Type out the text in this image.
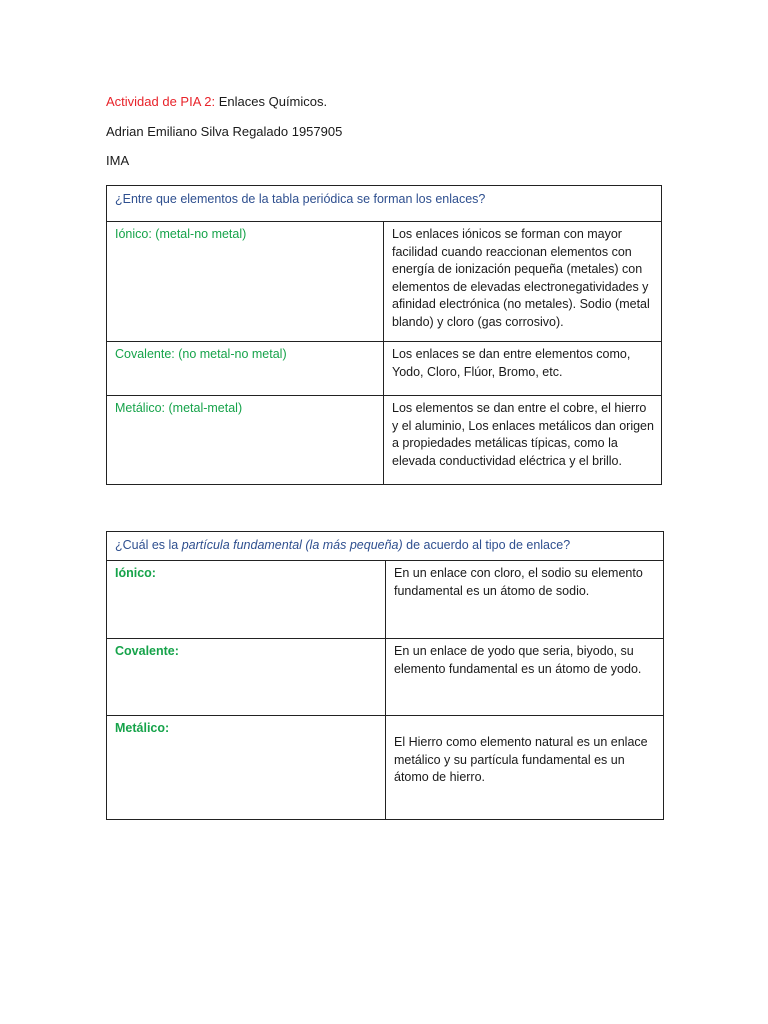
Actividad de PIA 2: Enlaces Químicos.
Adrian Emiliano Silva Regalado 1957905
IMA
¿Entre que elementos de la tabla periódica se forman los enlaces?	
Iónico: (metal-no metal)	Los enlaces iónicos se forman con mayor facilidad cuando reaccionan elementos con energía de ionización pequeña (metales) con elementos de elevadas electronegatividades y afinidad electrónica (no metales). Sodio (metal blando) y cloro (gas corrosivo).
Covalente: (no metal-no metal)	Los enlaces se dan entre elementos como, Yodo, Cloro, Flúor, Bromo, etc.
Metálico: (metal-metal)	Los elementos se dan entre el cobre, el hierro y el aluminio, Los enlaces metálicos dan origen a propiedades metálicas típicas, como la elevada conductividad eléctrica y el brillo.
¿Cuál es la partícula fundamental (la más pequeña) de acuerdo al tipo de enlace?	
Iónico:	En un enlace con cloro, el sodio su elemento fundamental es un átomo de sodio.
Covalente:	En un enlace de yodo que seria, biyodo, su elemento fundamental es un átomo de yodo.
Metálico:	El Hierro como elemento natural es un enlace metálico y su partícula fundamental es un átomo de hierro.
